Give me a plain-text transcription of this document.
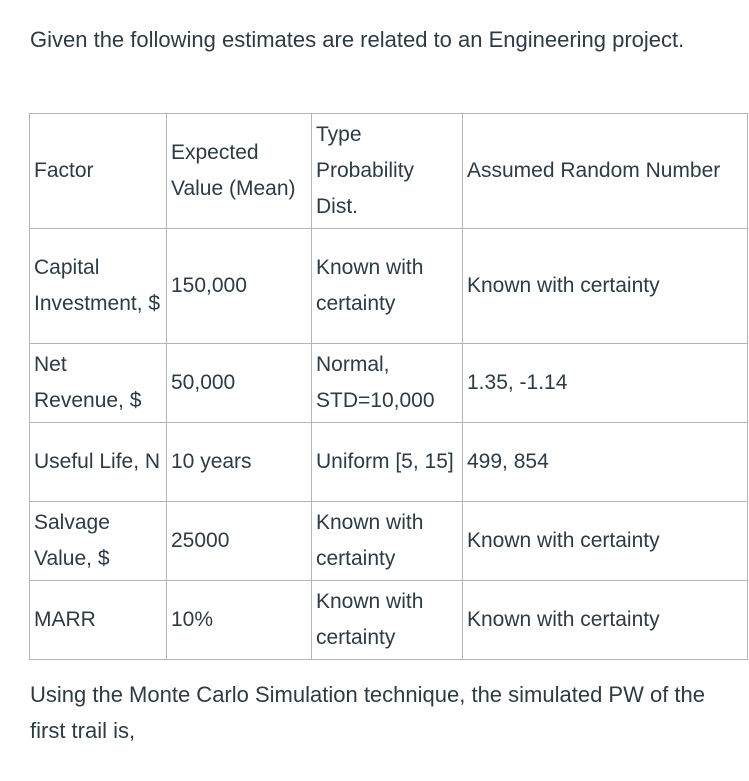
Given the following estimates are related to an Engineering project.

Factor	Expected Value (Mean)	Type Probability Dist.	Assumed Random Number
Capital Investment, $	150,000	Known with certainty	Known with certainty
Net Revenue, $	50,000	Normal, STD=10,000	1.35, -1.14
Useful Life, N	10 years	Uniform [5, 15]	499, 854
Salvage Value, $	25000	Known with certainty	Known with certainty
MARR	10%	Known with certainty	Known with certainty

Using the Monte Carlo Simulation technique, the simulated PW of the first trail is,
